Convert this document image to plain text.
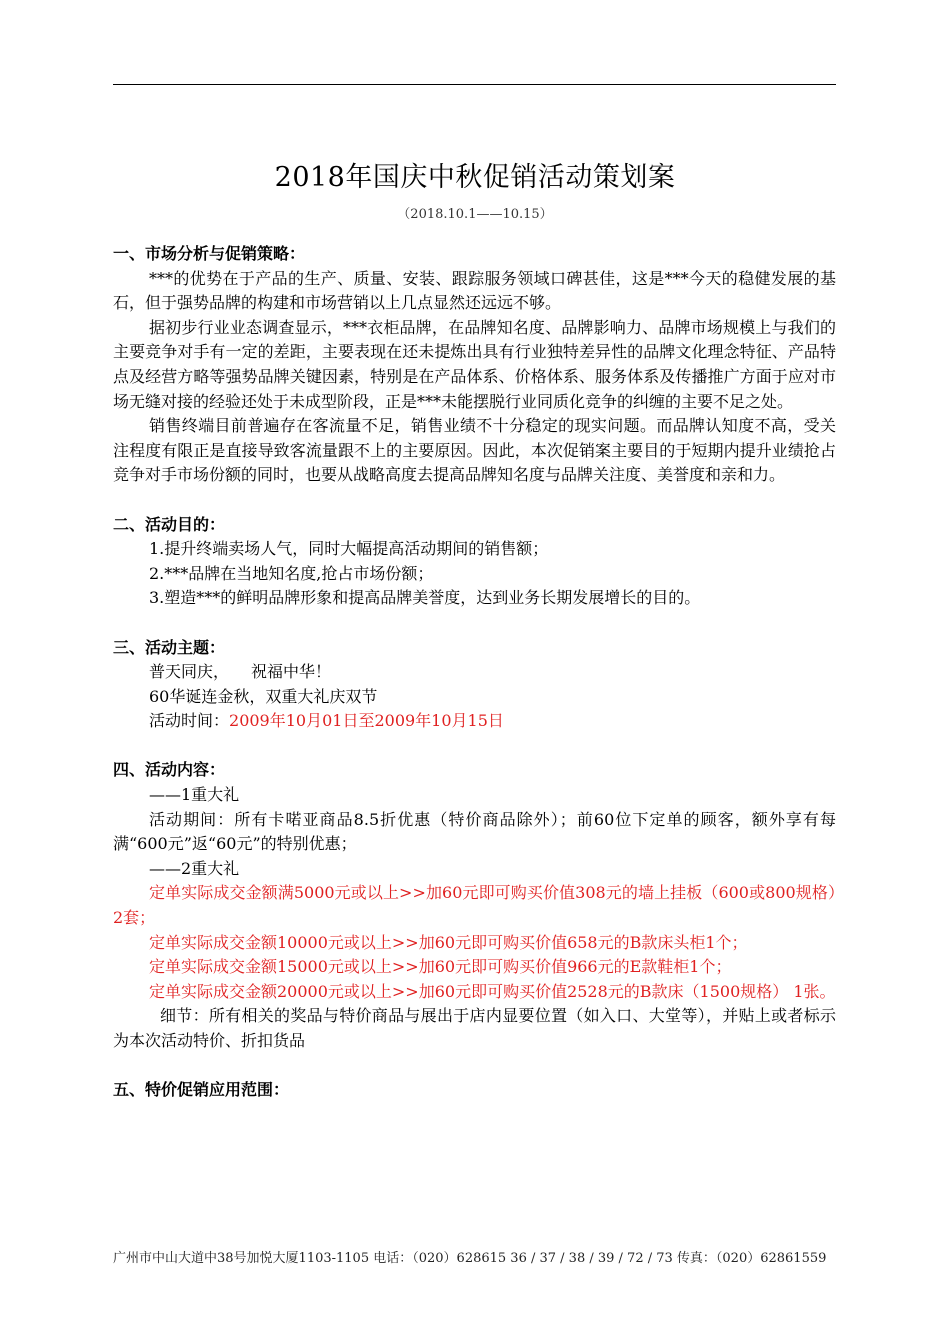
2018年国庆中秋促销活动策划案
（2018.10.1——10.15）
一、市场分析与促销策略：

***的优势在于产品的生产、质量、安装、跟踪服务领域口碑甚佳，这是***今天的稳健发展的基石，但于强势品牌的构建和市场营销以上几点显然还远远不够。

据初步行业业态调查显示，***衣柜品牌，在品牌知名度、品牌影响力、品牌市场规模上与我们的主要竞争对手有一定的差距，主要表现在还未提炼出具有行业独特差异性的品牌文化理念特征、产品特点及经营方略等强势品牌关键因素，特别是在产品体系、价格体系、服务体系及传播推广方面于应对市场无缝对接的经验还处于未成型阶段，正是***未能摆脱行业同质化竞争的纠缠的主要不足之处。

销售终端目前普遍存在客流量不足，销售业绩不十分稳定的现实问题。而品牌认知度不高，受关注程度有限正是直接导致客流量跟不上的主要原因。因此，本次促销案主要目的于短期内提升业绩抢占竞争对手市场份额的同时，也要从战略高度去提高品牌知名度与品牌关注度、美誉度和亲和力。

二、活动目的：

1.提升终端卖场人气，同时大幅提高活动期间的销售额；

2.***品牌在当地知名度,抢占市场份额；

3.塑造***的鲜明品牌形象和提高品牌美誉度，达到业务长期发展增长的目的。

三、活动主题：

普天同庆， 祝福中华！

60华诞连金秋，双重大礼庆双节

活动时间：2009年10月01日至2009年10月15日

四、活动内容：

——1重大礼

活动期间：所有卡喏亚商品8.5折优惠（特价商品除外）；前60位下定单的顾客，额外享有每满“600元”返“60元”的特别优惠；

——2重大礼

定单实际成交金额满5000元或以上>>加60元即可购买价值308元的墙上挂板（600或800规格）2套；

定单实际成交金额10000元或以上>>加60元即可购买价值658元的B款床头柜1个；

定单实际成交金额15000元或以上>>加60元即可购买价值966元的E款鞋柜1个；

定单实际成交金额20000元或以上>>加60元即可购买价值2528元的B款床（1500规格） 1张。

细节：所有相关的奖品与特价商品与展出于店内显要位置（如入口、大堂等），并贴上或者标示为本次活动特价、折扣货品

五、特价促销应用范围：
广州市中山大道中38号加悦大厦1103-1105 电话：（020）628615 36 / 37 / 38 / 39 / 72 / 73 传真：（020）62861559
